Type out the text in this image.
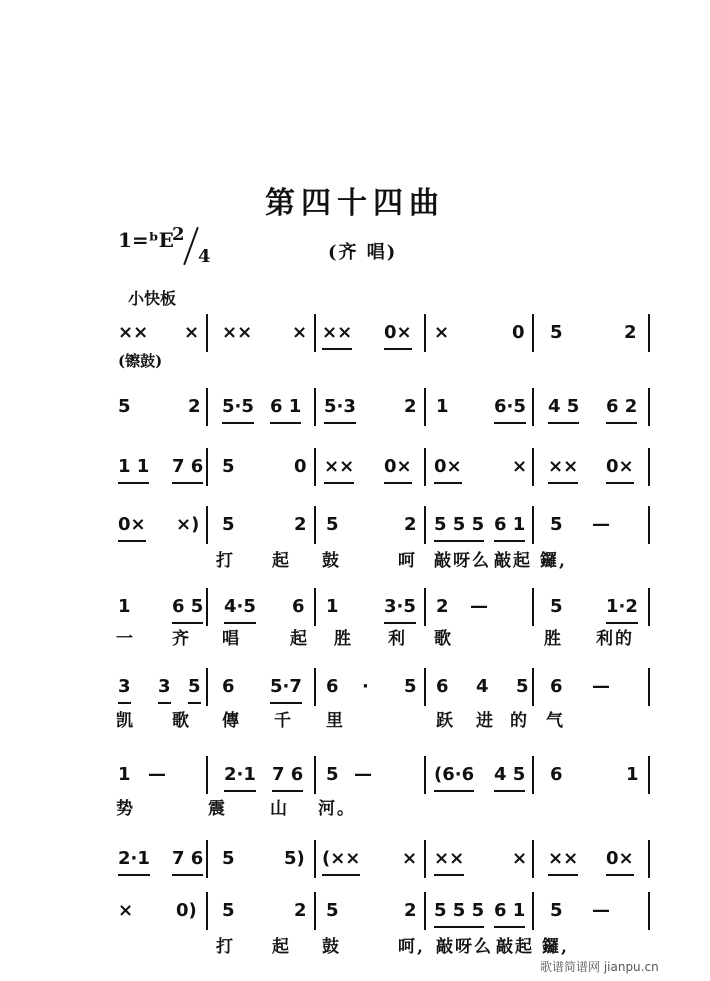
第四十四曲
1=ᵇE
2
4	(齐 唱)
小快板
×× × ×× × ×× 0× ×	0 5	2
(镲鼓)
5	2 5·5 6 1 5·3	2 1	6·5 4 5 6 2
1 1 7 6 5	0 ×× 0× 0×	× ×× 0×
0× ×) 5	2 5	2 5 5 5 6 1 5 —
打 起 鼓	呵 敲呀么 敲起 鑼,
1 6 5 4·5 6 1	3·5 2 —	5 1·2
一 齐 唱	起 胜 利 歌	胜 利的
3 3 5 6 5·7 6 · 5 6 4 5 6 —
凯 歌 傳 千 里	跃 进 的 气
1 —	2·1 7 6 5 —	(6·6 4 5 6	1
势	震	山 河。
2·1 7 6 5	5) (×× × ××	× ×× 0×
× 0) 5	2 5	2 5 5 5 6 1 5 —
打 起 鼓	呵, 敲呀么 敲起 鑼,
歌谱简谱网 jianpu.cn
